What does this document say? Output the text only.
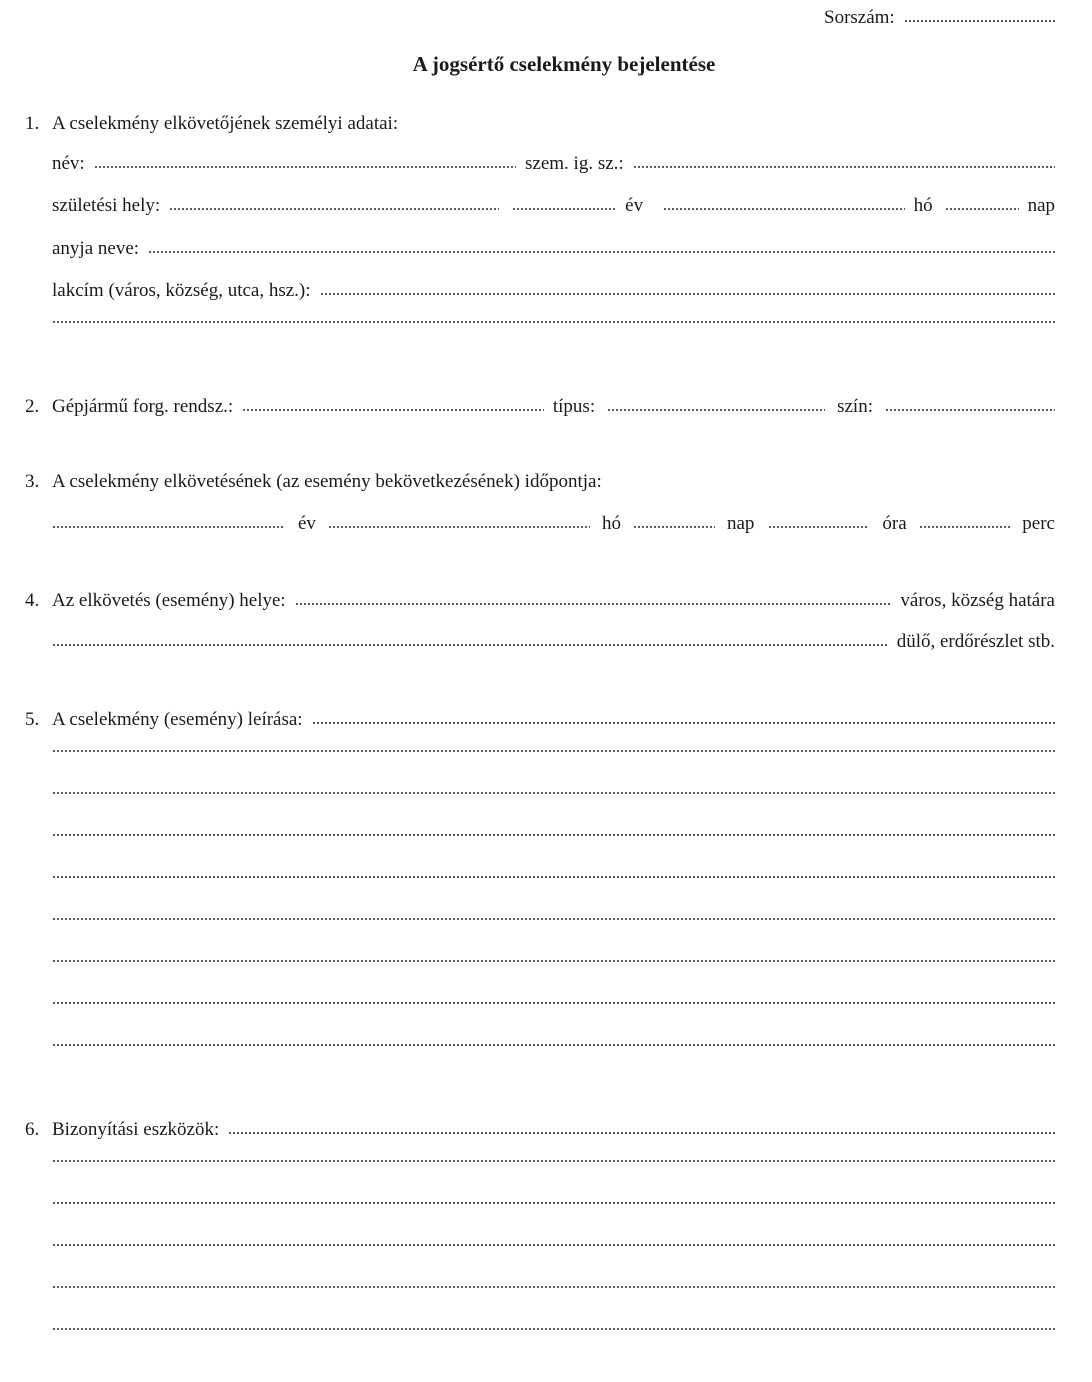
Sorszám:
A jogsértő cselekmény bejelentése
1. A cselekmény elkövetőjének személyi adatai:
név:	szem. ig. sz.:
születési hely:	év	hó	nap
anyja neve:
lakcím (város, község, utca, hsz.):
2. Gépjármű forg. rendsz.:	típus:	szín:
3. A cselekmény elkövetésének (az esemény bekövetkezésének) időpontja:
év	hó	nap	óra	perc
4. Az elkövetés (esemény) helye:	város, község határa
dülő, erdőrészlet stb.
5. A cselekmény (esemény) leírása:
6. Bizonyítási eszközök:
